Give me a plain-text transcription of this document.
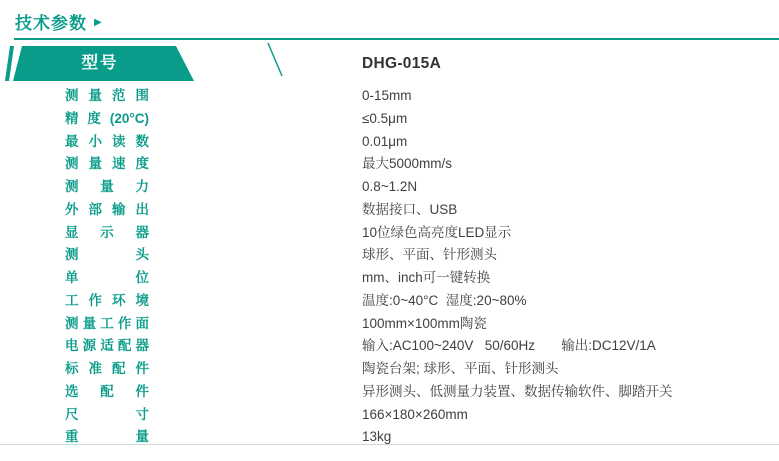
技术参数 ▶
型号	DHG-015A
测量范围	0-15mm
精度(20°C)	≤0.5μm
最小读数	0.01μm
测量速度	最大5000mm/s
测量力	0.8~1.2N
外部输出	数据接口、USB
显示器	10位绿色高亮度LED显示
测头	球形、平面、针形测头
单位	mm、inch可一键转换
工作环境	温度:0~40°C  湿度:20~80%
测量工作面	100mm×100mm陶瓷
电源适配器	输入:AC100~240V   50/60Hz       输出:DC12V/1A
标准配件	陶瓷台架; 球形、平面、针形测头
选配件	异形测头、低测量力装置、数据传输软件、脚踏开关
尺寸	166×180×260mm
重量	13kg
